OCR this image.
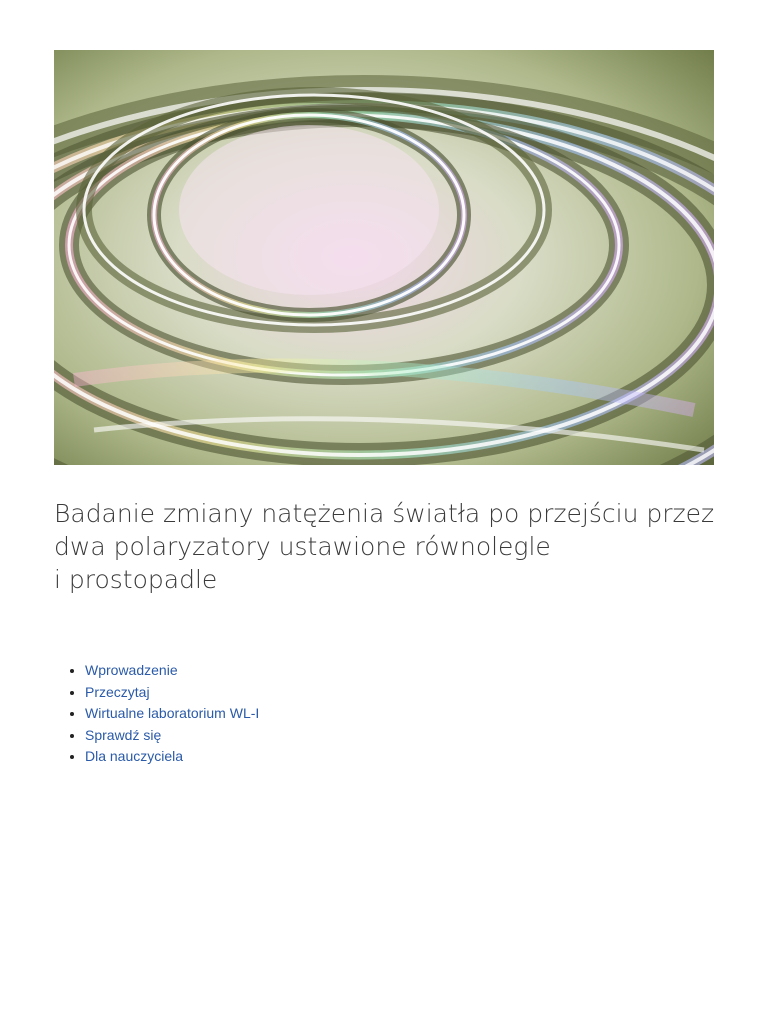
Badanie zmiany natężenia światła po przejściu przez
dwa polaryzatory ustawione równolegle
i prostopadle
Wprowadzenie
Przeczytaj
Wirtualne laboratorium WL-I
Sprawdź się
Dla nauczyciela
